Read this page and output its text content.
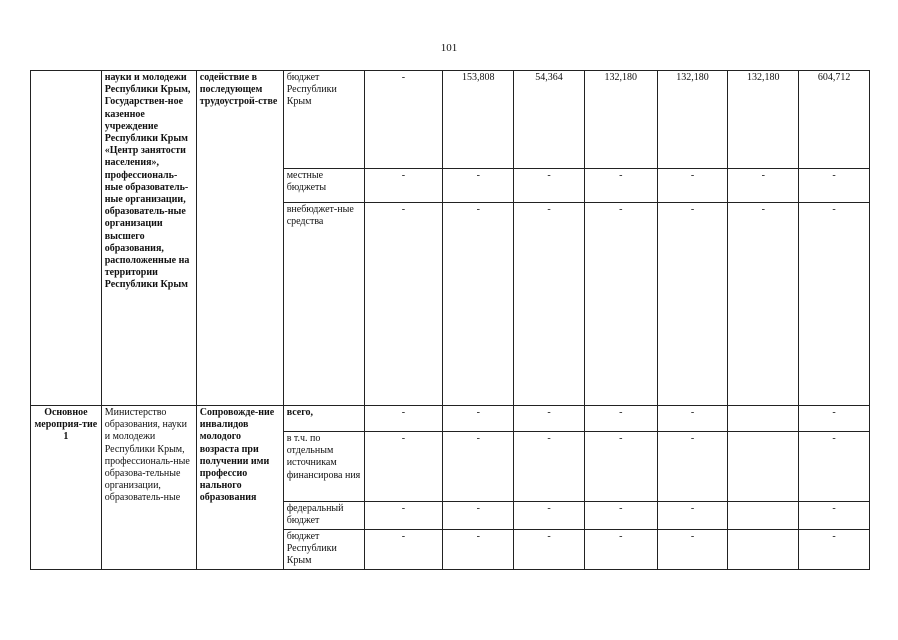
101
	науки и молодежи Республики Крым, Государствен-ное казенное учреждение Республики Крым «Центр занятости населения», профессиональ-ные образователь-ные организации, образователь-ные организации высшего образования, расположенные на территории Республики Крым	содействие в последующем трудоустрой-стве	бюджет Республики Крым	-	153,808	54,364	132,180	132,180	132,180	604,712
			местные бюджеты	-	-	-	-	-	-	-
			внебюджет-ные средства	-	-	-	-	-	-	-
Основное мероприя-тие 1	Министерство образования, науки и молодежи Республики Крым, профессиональ-ные образова-тельные организации, образователь-ные	Сопровожде-ние инвалидов молодого возраста при получении ими профессио нального образования	всего,	-	-	-	-	-		-
			в т.ч. по отдельным источникам финансирова ния	-	-	-	-	-		-
			федеральный бюджет	-	-	-	-	-		-
			бюджет Республики Крым	-	-	-	-	-		-
